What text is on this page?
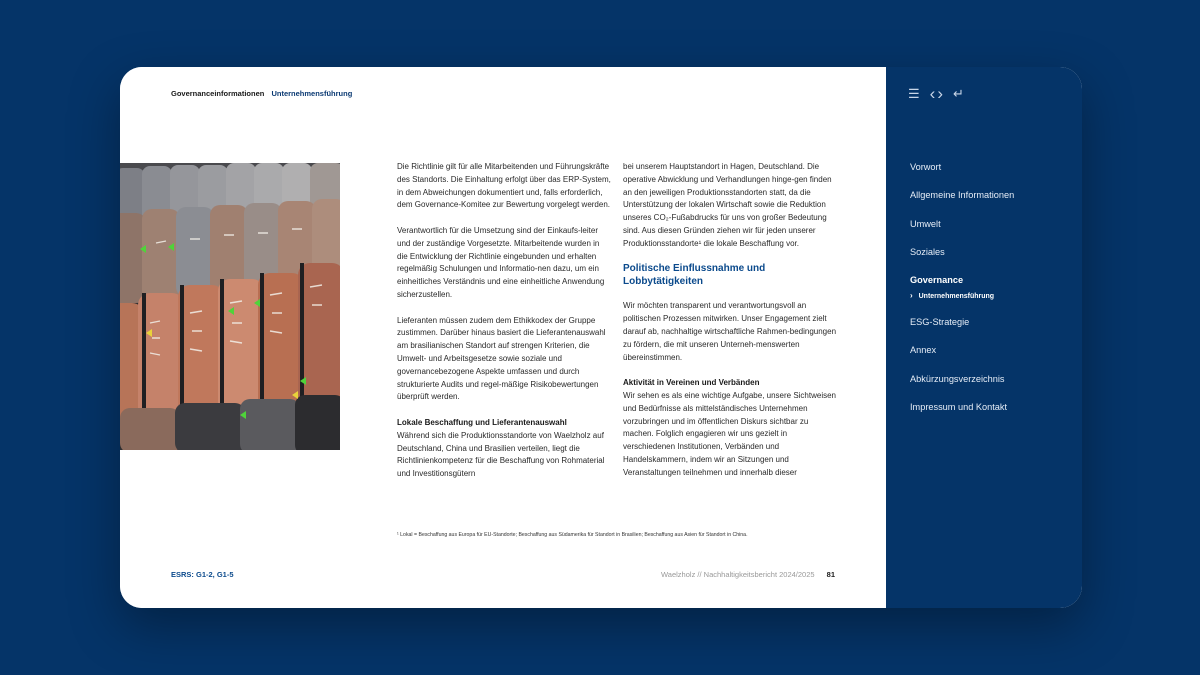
Governanceinformationen Unternehmensführung

Die Richtlinie gilt für alle Mitarbeitenden und Führungskräfte des Standorts. Die Einhaltung erfolgt über das ERP-System, in dem Abweichungen dokumentiert und, falls erforderlich, dem Governance-Komitee zur Bewertung vorgelegt werden.

Verantwortlich für die Umsetzung sind der Einkaufs-leiter und der zuständige Vorgesetzte. Mitarbeitende wurden in die Entwicklung der Richtlinie eingebunden und erhalten regelmäßig Schulungen und Informatio-nen dazu, um ein einheitliches Verständnis und eine einheitliche Anwendung sicherzustellen.

Lieferanten müssen zudem dem Ethikkodex der Gruppe zustimmen. Darüber hinaus basiert die Lieferantenauswahl am brasilianischen Standort auf strengen Kriterien, die Umwelt- und Arbeitsgesetze sowie soziale und governancebezogene Aspekte umfassen und durch strukturierte Audits und regel-mäßige Risikobewertungen überprüft werden.

Lokale Beschaffung und Lieferantenauswahl

Während sich die Produktionsstandorte von Waelzholz auf Deutschland, China und Brasilien verteilen, liegt die Richtlinienkompetenz für die Beschaffung von Rohmaterial und Investitionsgütern

bei unserem Hauptstandort in Hagen, Deutschland. Die operative Abwicklung und Verhandlungen hinge-gen finden an den jeweiligen Produktionsstandorten statt, da die Unterstützung der lokalen Wirtschaft sowie die Reduktion unseres CO₂-Fußabdrucks für uns von großer Bedeutung sind. Aus diesen Gründen ziehen wir für jeden unserer Produktionsstandorte¹ die lokale Beschaffung vor.

Politische Einflussnahme und Lobbytätigkeiten

Wir möchten transparent und verantwortungsvoll an politischen Prozessen mitwirken. Unser Engagement zielt darauf ab, nachhaltige wirtschaftliche Rahmen-bedingungen zu fördern, die mit unseren Unterneh-menswerten übereinstimmen.

Aktivität in Vereinen und Verbänden

Wir sehen es als eine wichtige Aufgabe, unsere Sichtweisen und Bedürfnisse als mittelständisches Unternehmen vorzubringen und im öffentlichen Diskurs sichtbar zu machen. Folglich engagieren wir uns gezielt in verschiedenen Institutionen, Verbänden und Handelskammern, indem wir an Sitzungen und Veranstaltungen teilnehmen und innerhalb dieser

¹ Lokal = Beschaffung aus Europa für EU-Standorte; Beschaffung aus Südamerika für Standort in Brasilien; Beschaffung aus Asien für Standort in China.
ESRS: G1-2, G1-5	Waelzholz // Nachhaltigkeitsbericht 2024/2025 81
☰ ‹ › ↵
Vorwort
Allgemeine Informationen
Umwelt
Soziales
Governance
› Unternehmensführung
ESG-Strategie
Annex
Abkürzungsverzeichnis
Impressum und Kontakt
